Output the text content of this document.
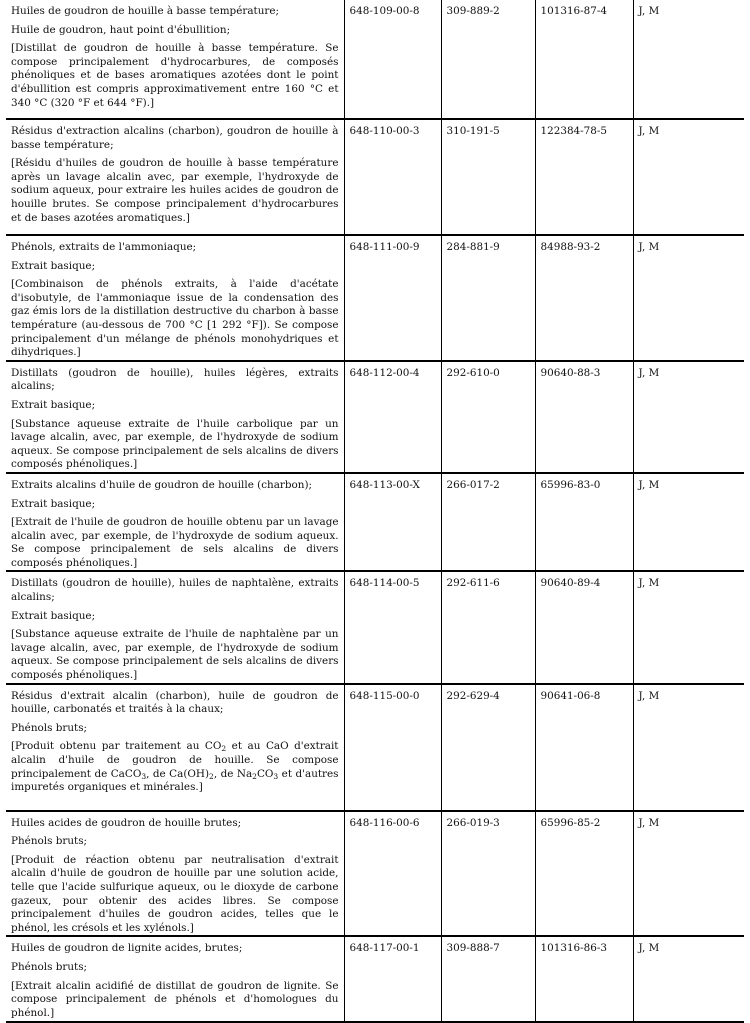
Huiles de goudron de houille à basse température;

Huile de goudron, haut point d'ébullition;

[Distillat de goudron de houille à basse température. Se compose principalement d'hydrocarbures, de composés phénoliques et de bases aromatiques azotées dont le point d'ébullition est compris approximativement entre 160 °C et 340 °C (320 °F et 644 °F).]	648-109-00-8	309-889-2	101316-87-4	J, M

Résidus d'extraction alcalins (charbon), goudron de houille à basse température;

[Résidu d'huiles de goudron de houille à basse température après un lavage alcalin avec, par exemple, l'hydroxyde de sodium aqueux, pour extraire les huiles acides de goudron de houille brutes. Se compose principalement d'hydrocarbures et de bases azotées aromatiques.]	648-110-00-3	310-191-5	122384-78-5	J, M

Phénols, extraits de l'ammoniaque;

Extrait basique;

[Combinaison de phénols extraits, à l'aide d'acétate d'isobutyle, de l'ammoniaque issue de la condensation des gaz émis lors de la distillation destructive du charbon à basse température (au-dessous de 700 °C [1 292 °F]). Se compose principalement d'un mélange de phénols monohydriques et dihydriques.]	648-111-00-9	284-881-9	84988-93-2	J, M

Distillats (goudron de houille), huiles légères, extraits alcalins;

Extrait basique;

[Substance aqueuse extraite de l'huile carbolique par un lavage alcalin, avec, par exemple, de l'hydroxyde de sodium aqueux. Se compose principalement de sels alcalins de divers composés phénoliques.]	648-112-00-4	292-610-0	90640-88-3	J, M

Extraits alcalins d'huile de goudron de houille (charbon);

Extrait basique;

[Extrait de l'huile de goudron de houille obtenu par un lavage alcalin avec, par exemple, de l'hydroxyde de sodium aqueux. Se compose principalement de sels alcalins de divers composés phénoliques.]	648-113-00-X	266-017-2	65996-83-0	J, M

Distillats (goudron de houille), huiles de naphtalène, extraits alcalins;

Extrait basique;

[Substance aqueuse extraite de l'huile de naphtalène par un lavage alcalin, avec, par exemple, de l'hydroxyde de sodium aqueux. Se compose principalement de sels alcalins de divers composés phénoliques.]	648-114-00-5	292-611-6	90640-89-4	J, M

Résidus d'extrait alcalin (charbon), huile de goudron de houille, carbonatés et traités à la chaux;

Phénols bruts;

[Produit obtenu par traitement au $CO_2$ et au CaO d'extrait alcalin d'huile de goudron de houille. Se compose principalement de CaCO$_3$, de $Ca(OH)_2$, de $Na_2CO_3$ et d'autres impuretés organiques et minérales.]	648-115-00-0	292-629-4	90641-06-8	J, M

Huiles acides de goudron de houille brutes;

Phénols bruts;

[Produit de réaction obtenu par neutralisation d'extrait alcalin d'huile de goudron de houille par une solution acide, telle que l'acide sulfurique aqueux, ou le dioxyde de carbone gazeux, pour obtenir des acides libres. Se compose principalement d'huiles de goudron acides, telles que le phénol, les crésols et les xylénols.]	648-116-00-6	266-019-3	65996-85-2	J, M

Huiles de goudron de lignite acides, brutes;

Phénols bruts;

[Extrait alcalin acidifié de distillat de goudron de lignite. Se compose principalement de phénols et d'homologues du phénol.]	648-117-00-1	309-888-7	101316-86-3	J, M
